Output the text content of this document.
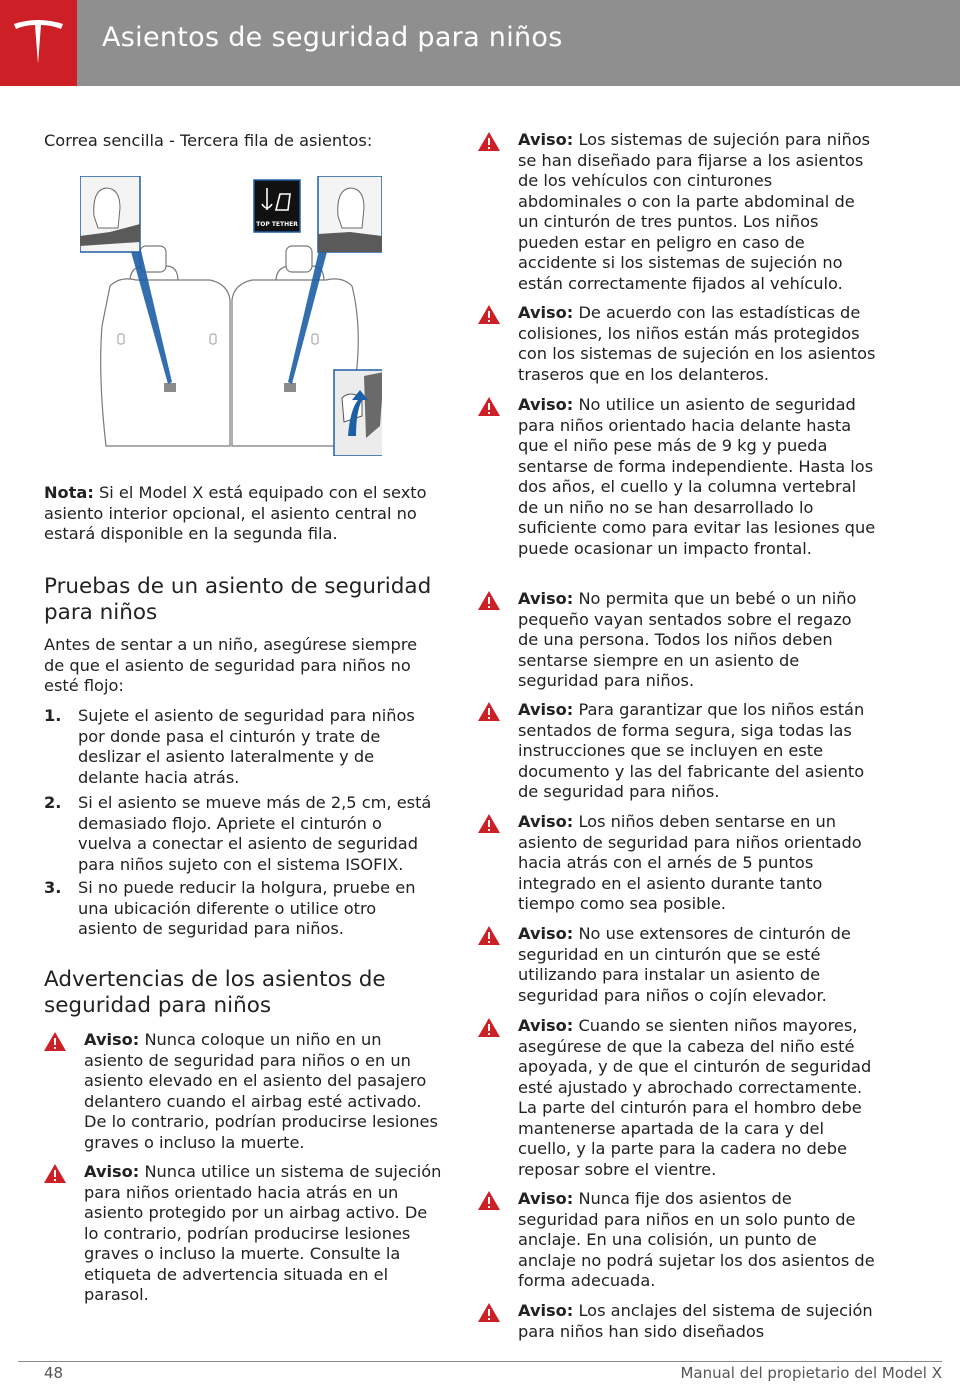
Asientos de seguridad para niños
Correa sencilla - Tercera fila de asientos:
TOP TETHER
Nota: Si el Model X está equipado con el sexto asiento interior opcional, el asiento central no estará disponible en la segunda fila.
Pruebas de un asiento de seguridad para niños
Antes de sentar a un niño, asegúrese siempre de que el asiento de seguridad para niños no esté flojo:
1. Sujete el asiento de seguridad para niños por donde pasa el cinturón y trate de deslizar el asiento lateralmente y de delante hacia atrás.
2. Si el asiento se mueve más de 2,5 cm, está demasiado flojo. Apriete el cinturón o vuelva a conectar el asiento de seguridad para niños sujeto con el sistema ISOFIX.
3. Si no puede reducir la holgura, pruebe en una ubicación diferente o utilice otro asiento de seguridad para niños.
Advertencias de los asientos de seguridad para niños
Aviso: Nunca coloque un niño en un asiento de seguridad para niños o en un asiento elevado en el asiento del pasajero delantero cuando el airbag esté activado. De lo contrario, podrían producirse lesiones graves o incluso la muerte.
Aviso: Nunca utilice un sistema de sujeción para niños orientado hacia atrás en un asiento protegido por un airbag activo. De lo contrario, podrían producirse lesiones graves o incluso la muerte. Consulte la etiqueta de advertencia situada en el parasol.
Aviso: Los sistemas de sujeción para niños se han diseñado para fijarse a los asientos de los vehículos con cinturones abdominales o con la parte abdominal de un cinturón de tres puntos. Los niños pueden estar en peligro en caso de accidente si los sistemas de sujeción no están correctamente fijados al vehículo.
Aviso: De acuerdo con las estadísticas de colisiones, los niños están más protegidos con los sistemas de sujeción en los asientos traseros que en los delanteros.
Aviso: No utilice un asiento de seguridad para niños orientado hacia delante hasta que el niño pese más de 9 kg y pueda sentarse de forma independiente. Hasta los dos años, el cuello y la columna vertebral de un niño no se han desarrollado lo suficiente como para evitar las lesiones que puede ocasionar un impacto frontal.
Aviso: No permita que un bebé o un niño pequeño vayan sentados sobre el regazo de una persona. Todos los niños deben sentarse siempre en un asiento de seguridad para niños.
Aviso: Para garantizar que los niños están sentados de forma segura, siga todas las instrucciones que se incluyen en este documento y las del fabricante del asiento de seguridad para niños.
Aviso: Los niños deben sentarse en un asiento de seguridad para niños orientado hacia atrás con el arnés de 5 puntos integrado en el asiento durante tanto tiempo como sea posible.
Aviso: No use extensores de cinturón de seguridad en un cinturón que se esté utilizando para instalar un asiento de seguridad para niños o cojín elevador.
Aviso: Cuando se sienten niños mayores, asegúrese de que la cabeza del niño esté apoyada, y de que el cinturón de seguridad esté ajustado y abrochado correctamente. La parte del cinturón para el hombro debe mantenerse apartada de la cara y del cuello, y la parte para la cadera no debe reposar sobre el vientre.
Aviso: Nunca fije dos asientos de seguridad para niños en un solo punto de anclaje. En una colisión, un punto de anclaje no podrá sujetar los dos asientos de forma adecuada.
Aviso: Los anclajes del sistema de sujeción para niños han sido diseñados
48	Manual del propietario del Model X
